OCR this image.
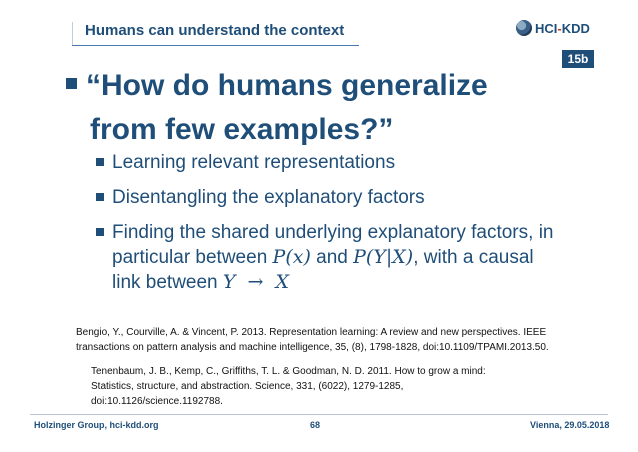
Humans can understand the context	HCI-KDD
15b
“How do humans generalize
from few examples?”
Learning relevant representations
Disentangling the explanatory factors
Finding the shared underlying explanatory factors, in particular between P(x) and P(Y|X), with a causal link between Y  →  X
Bengio, Y., Courville, A. & Vincent, P. 2013. Representation learning: A review and new perspectives. IEEE transactions on pattern analysis and machine intelligence, 35, (8), 1798-1828, doi:10.1109/TPAMI.2013.50.
Tenenbaum, J. B., Kemp, C., Griffiths, T. L. & Goodman, N. D. 2011. How to grow a mind: Statistics, structure, and abstraction. Science, 331, (6022), 1279-1285, doi:10.1126/science.1192788.
Holzinger Group, hci-kdd.org	68	Vienna, 29.05.2018
